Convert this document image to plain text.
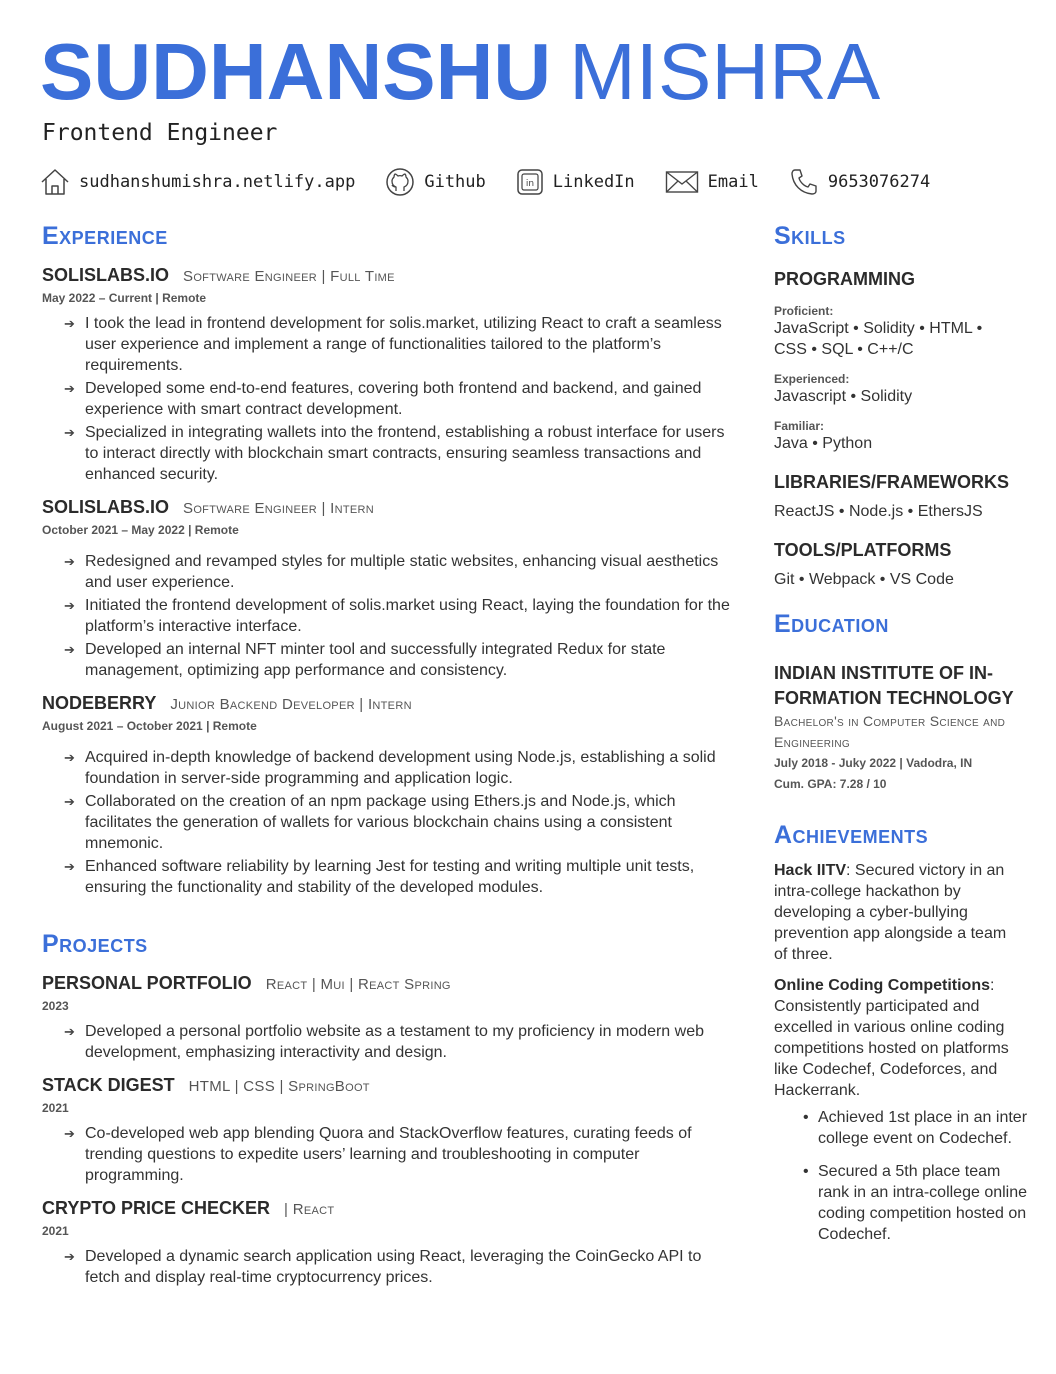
SUDHANSHU MISHRA

Frontend Engineer

sudhanshumishra.netlify.app	Github	in LinkedIn	Email	9653076274
Experience
SOLISLABS.IO Software Engineer | Full Time
May 2022 – Current | Remote
➔ I took the lead in frontend development for solis.market, utilizing React to craft a seamless user experience and implement a range of functionalities tailored to the platform’s requirements.
➔ Developed some end-to-end features, covering both frontend and backend, and gained experience with smart contract development.
➔ Specialized in integrating wallets into the frontend, establishing a robust interface for users to interact directly with blockchain smart contracts, ensuring seamless transactions and enhanced security.
SOLISLABS.IO Software Engineer | Intern
October 2021 – May 2022 | Remote
➔ Redesigned and revamped styles for multiple static websites, enhancing visual aesthetics and user experience.
➔ Initiated the frontend development of solis.market using React, laying the foundation for the platform’s interactive interface.
➔ Developed an internal NFT minter tool and successfully integrated Redux for state management, optimizing app performance and consistency.
NODEBERRY Junior Backend Developer | Intern
August 2021 – October 2021 | Remote
➔ Acquired in-depth knowledge of backend development using Node.js, establishing a solid foundation in server-side programming and application logic.
➔ Collaborated on the creation of an npm package using Ethers.js and Node.js, which facilitates the generation of wallets for various blockchain chains using a consistent mnemonic.
➔ Enhanced software reliability by learning Jest for testing and writing multiple unit tests, ensuring the functionality and stability of the developed modules.
Projects
PERSONAL PORTFOLIO React | Mui | React Spring
2023
➔ Developed a personal portfolio website as a testament to my proficiency in modern web development, emphasizing interactivity and design.
STACK DIGEST HTML | CSS | SpringBoot
2021
➔ Co-developed web app blending Quora and StackOverflow features, curating feeds of trending questions to expedite users’ learning and troubleshooting in computer programming.
CRYPTO PRICE CHECKER | React
2021
➔ Developed a dynamic search application using React, leveraging the CoinGecko API to fetch and display real-time cryptocurrency prices.
Skills
PROGRAMMING
Proficient:
JavaScript • Solidity • HTML • CSS • SQL • C++/C
Experienced:
Javascript • Solidity
Familiar:
Java • Python
LIBRARIES/FRAMEWORKS
ReactJS • Node.js • EthersJS
TOOLS/PLATFORMS
Git • Webpack • VS Code
Education
INDIAN INSTITUTE OF IN-FORMATION TECHNOLOGY
Bachelor's in Computer Science and Engineering
July 2018 - Juky 2022 | Vadodra, IN
Cum. GPA: 7.28 / 10
Achievements
Hack IITV: Secured victory in an intra-college hackathon by developing a cyber-bullying prevention app alongside a team of three.
Online Coding Competitions: Consistently participated and excelled in various online coding competitions hosted on platforms like Codechef, Codeforces, and Hackerrank.
• Achieved 1st place in an inter college event on Codechef.
• Secured a 5th place team rank in an intra-college online coding competition hosted on Codechef.
